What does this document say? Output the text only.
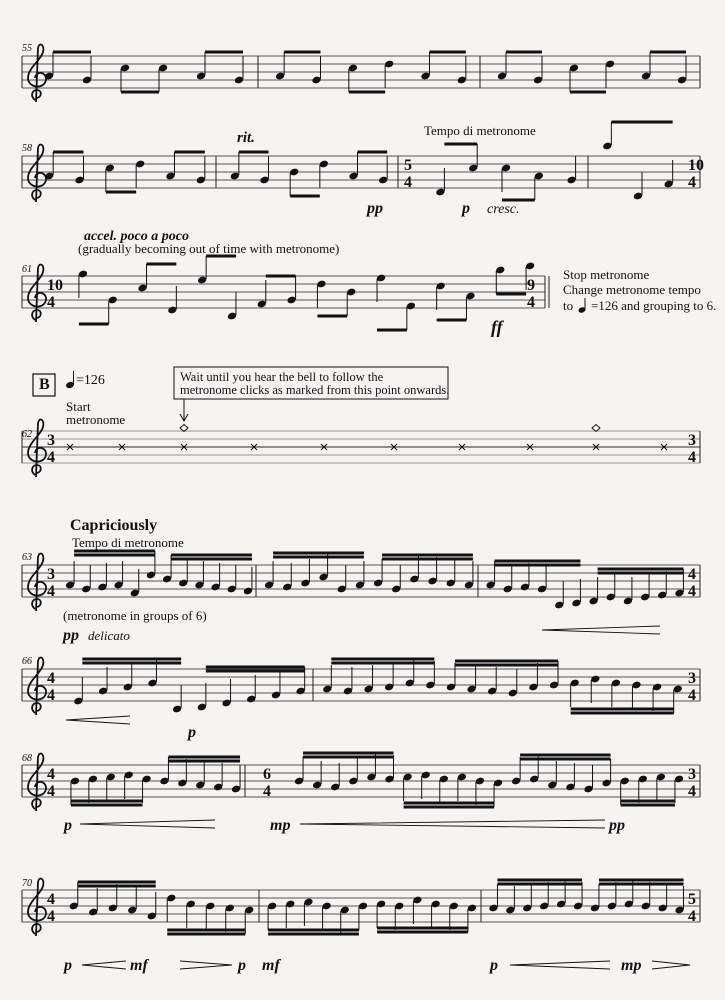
55
58
61
62
63
66
68
70
rit.	Tempo di metronome
pp	p cresc.
accel. poco a poco
(gradually becoming out of time with metronome)
ff
Stop metronome
Change metronome tempo
to =126 and grouping to 6.
B =126
Start
metronome
Wait until you hear the bell to follow the
metronome clicks as marked from this point onwards.
Capriciously
Tempo di metronome
(metronome in groups of 6)
pp delicato
p
p	mp	pp
p	mf	p mf	p	mp
5
4
10
4
10
4
9
4
3
4
3
4
3
4
4
4
4
4
3
4
4
4
6
4
3
4
4
4
5
4
